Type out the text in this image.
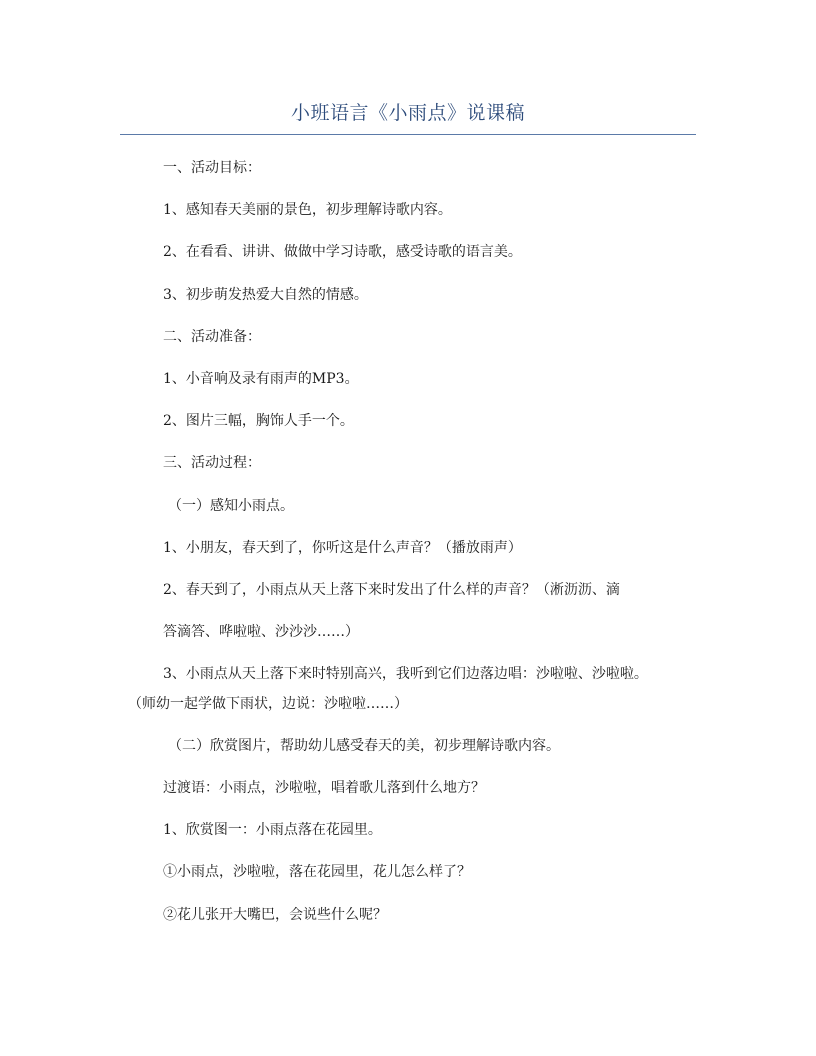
小班语言《小雨点》说课稿
一、活动目标：
1、感知春天美丽的景色，初步理解诗歌内容。
2、在看看、讲讲、做做中学习诗歌，感受诗歌的语言美。
3、初步萌发热爱大自然的情感。
二、活动准备：
1、小音响及录有雨声的MP3。
2、图片三幅，胸饰人手一个。
三、活动过程：
（一）感知小雨点。
1、小朋友，春天到了，你听这是什么声音？（播放雨声）
2、春天到了，小雨点从天上落下来时发出了什么样的声音？（淅沥沥、滴
答滴答、哗啦啦、沙沙沙……）
3、小雨点从天上落下来时特别高兴，我听到它们边落边唱：沙啦啦、沙啦啦。
（师幼一起学做下雨状，边说：沙啦啦……）
（二）欣赏图片，帮助幼儿感受春天的美，初步理解诗歌内容。
过渡语：小雨点，沙啦啦，唱着歌儿落到什么地方？
1、欣赏图一：小雨点落在花园里。
①小雨点，沙啦啦，落在花园里，花儿怎么样了？
②花儿张开大嘴巴，会说些什么呢？
